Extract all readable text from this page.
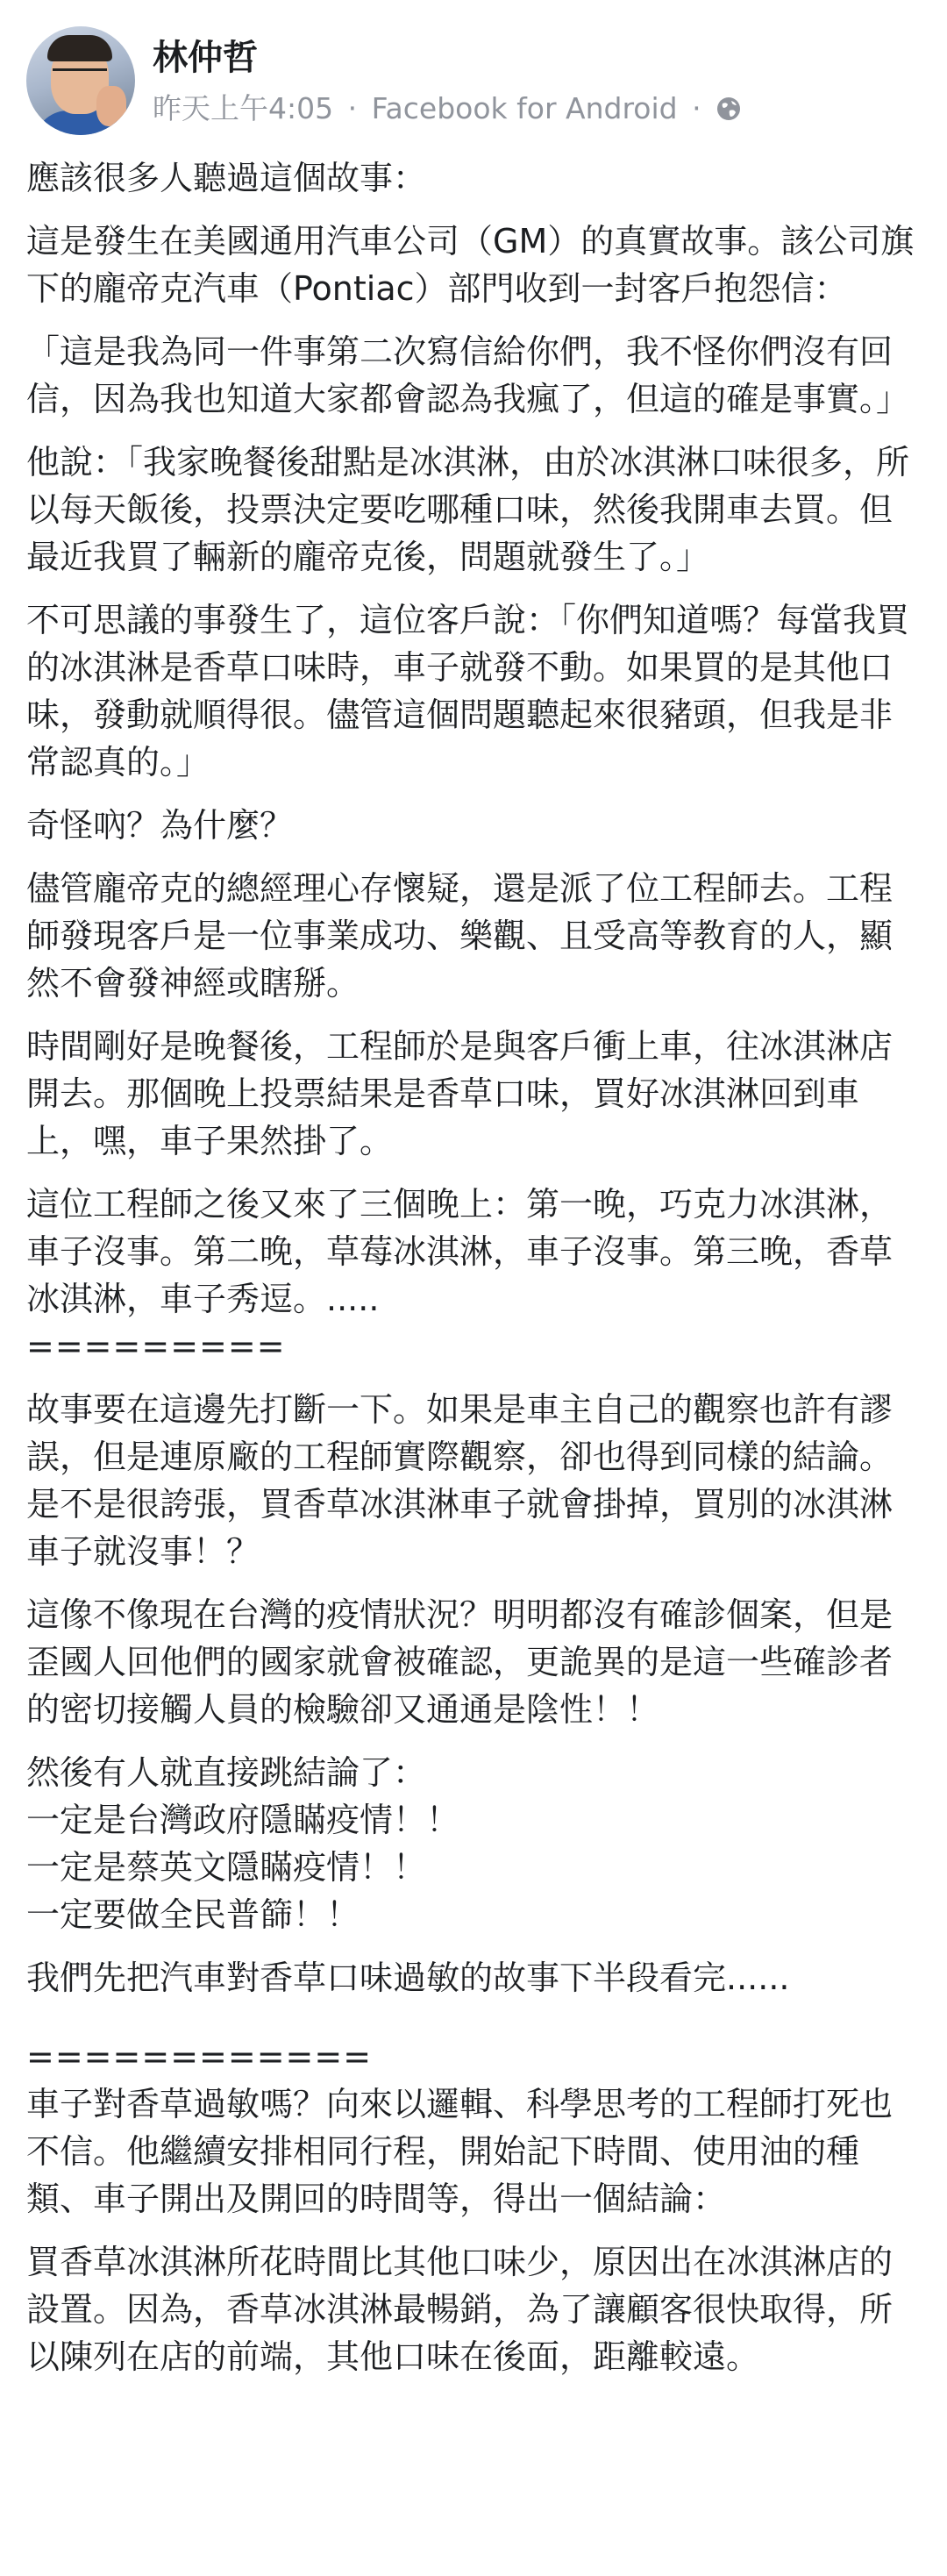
林仲哲
昨天上午4:05 · Facebook for Android ·

應該很多人聽過這個故事：

這是發生在美國通用汽車公司（GM）的真實故事。該公司旗下的龐帝克汽車（Pontiac）部門收到一封客戶抱怨信：

「這是我為同一件事第二次寫信給你們，我不怪你們沒有回信，因為我也知道大家都會認為我瘋了，但這的確是事實。」

他說：「我家晚餐後甜點是冰淇淋，由於冰淇淋口味很多，所以每天飯後，投票決定要吃哪種口味，然後我開車去買。但最近我買了輛新的龐帝克後，問題就發生了。」

不可思議的事發生了，這位客戶說：「你們知道嗎？每當我買的冰淇淋是香草口味時，車子就發不動。如果買的是其他口味，發動就順得很。儘管這個問題聽起來很豬頭，但我是非常認真的。」

奇怪吶？為什麼？

儘管龐帝克的總經理心存懷疑，還是派了位工程師去。工程師發現客戶是一位事業成功、樂觀、且受高等教育的人，顯然不會發神經或瞎掰。

時間剛好是晚餐後，工程師於是與客戶衝上車，往冰淇淋店開去。那個晚上投票結果是香草口味，買好冰淇淋回到車上，嘿，車子果然掛了。

這位工程師之後又來了三個晚上：第一晚，巧克力冰淇淋，車子沒事。第二晚，草莓冰淇淋，車子沒事。第三晚，香草冰淇淋，車子秀逗。.....

=========

故事要在這邊先打斷一下。如果是車主自己的觀察也許有謬誤，但是連原廠的工程師實際觀察，卻也得到同樣的結論。是不是很誇張，買香草冰淇淋車子就會掛掉，買別的冰淇淋車子就沒事！？

這像不像現在台灣的疫情狀況？明明都沒有確診個案，但是歪國人回他們的國家就會被確認，更詭異的是這一些確診者的密切接觸人員的檢驗卻又通通是陰性！！

然後有人就直接跳結論了：

一定是台灣政府隱瞞疫情！！

一定是蔡英文隱瞞疫情！！

一定要做全民普篩！！

我們先把汽車對香草口味過敏的故事下半段看完......

============

車子對香草過敏嗎？向來以邏輯、科學思考的工程師打死也不信。他繼續安排相同行程，開始記下時間、使用油的種類、車子開出及開回的時間等，得出一個結論：

買香草冰淇淋所花時間比其他口味少，原因出在冰淇淋店的設置。因為，香草冰淇淋最暢銷，為了讓顧客很快取得，所以陳列在店的前端，其他口味在後面，距離較遠。
